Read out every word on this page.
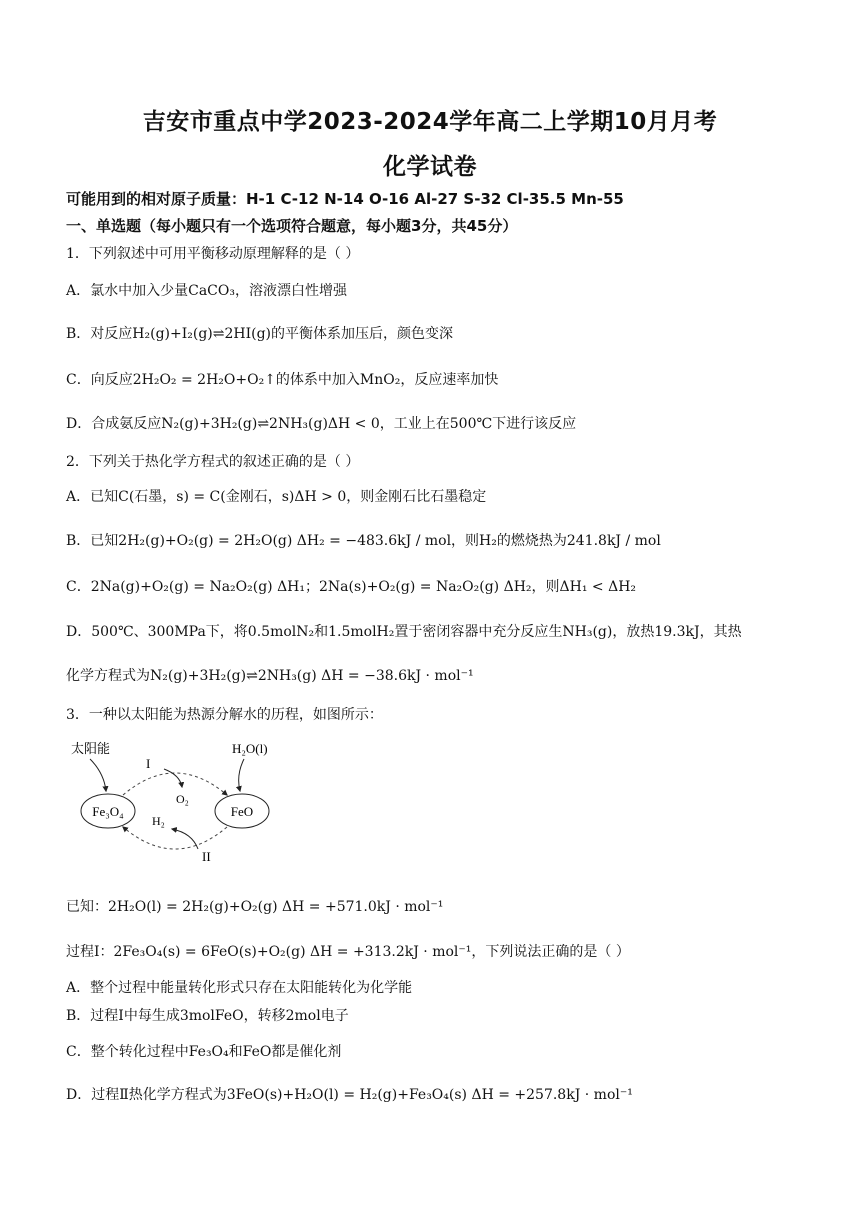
吉安市重点中学2023-2024学年高二上学期10月月考
化学试卷
可能用到的相对原子质量：H-1 C-12 N-14 O-16 Al-27 S-32 Cl-35.5 Mn-55
一、单选题（每小题只有一个选项符合题意，每小题3分，共45分）
1．下列叙述中可用平衡移动原理解释的是（ ）
A．氯水中加入少量CaCO₃，溶液漂白性增强
B．对反应H₂(g)+I₂(g)⇌2HI(g)的平衡体系加压后，颜色变深
C．向反应2H₂O₂ = 2H₂O+O₂↑的体系中加入MnO₂，反应速率加快
D．合成氨反应N₂(g)+3H₂(g)⇌2NH₃(g)ΔH < 0，工业上在500℃下进行该反应
2．下列关于热化学方程式的叙述正确的是（ ）
A．已知C(石墨，s) = C(金刚石，s)ΔH > 0，则金刚石比石墨稳定
B．已知2H₂(g)+O₂(g) = 2H₂O(g) ΔH₂ = −483.6kJ / mol，则H₂的燃烧热为241.8kJ / mol
C．2Na(g)+O₂(g) = Na₂O₂(g) ΔH₁；2Na(s)+O₂(g) = Na₂O₂(g) ΔH₂，则ΔH₁ < ΔH₂
D．500℃、300MPa下，将0.5molN₂和1.5molH₂置于密闭容器中充分反应生NH₃(g)，放热19.3kJ，其热
化学方程式为N₂(g)+3H₂(g)⇌2NH₃(g) ΔH = −38.6kJ · mol⁻¹
3．一种以太阳能为热源分解水的历程，如图所示：
Fe₃O₄	FeO
太阳能	H₂O(l)
O₂
H₂
I
II
已知：2H₂O(l) = 2H₂(g)+O₂(g) ΔH = +571.0kJ · mol⁻¹
过程Ⅰ：2Fe₃O₄(s) = 6FeO(s)+O₂(g) ΔH = +313.2kJ · mol⁻¹，下列说法正确的是（ ）
A．整个过程中能量转化形式只存在太阳能转化为化学能
B．过程Ⅰ中每生成3molFeO，转移2mol电子
C．整个转化过程中Fe₃O₄和FeO都是催化剂
D．过程Ⅱ热化学方程式为3FeO(s)+H₂O(l) = H₂(g)+Fe₃O₄(s) ΔH = +257.8kJ · mol⁻¹
